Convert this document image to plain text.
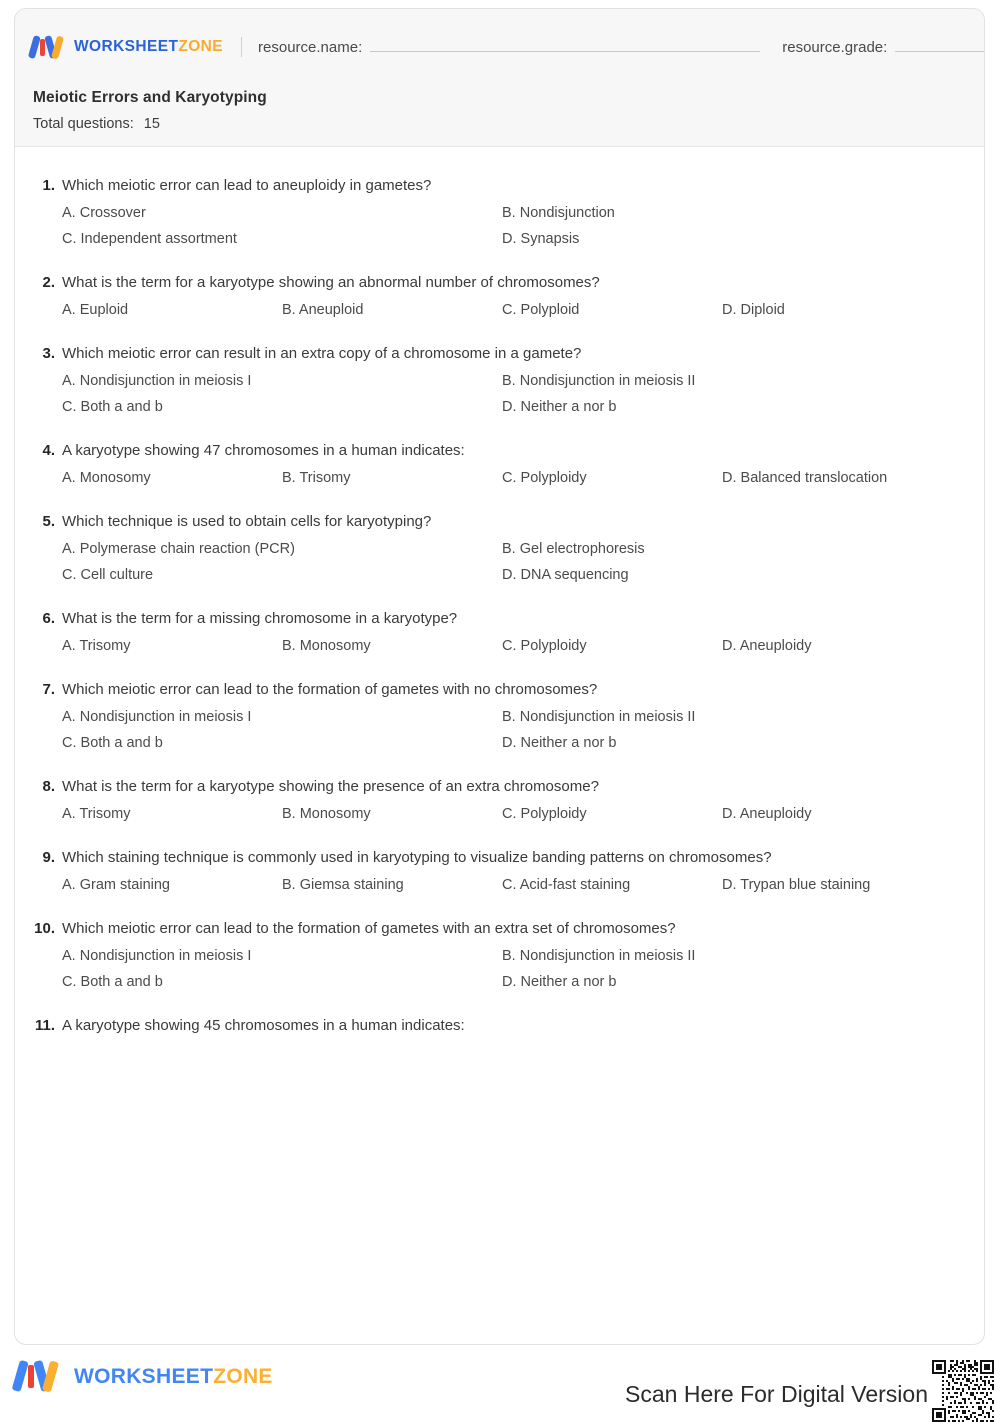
WORKSHEETZONE resource.name:	resource.grade:
Meiotic Errors and Karyotyping
Total questions: 15
1. Which meiotic error can lead to aneuploidy in gametes?
A. Crossover	B. Nondisjunction
C. Independent assortment	D. Synapsis
2. What is the term for a karyotype showing an abnormal number of chromosomes?
A. Euploid	B. Aneuploid	C. Polyploid	D. Diploid
3. Which meiotic error can result in an extra copy of a chromosome in a gamete?
A. Nondisjunction in meiosis I	B. Nondisjunction in meiosis II
C. Both a and b	D. Neither a nor b
4. A karyotype showing 47 chromosomes in a human indicates:
A. Monosomy	B. Trisomy	C. Polyploidy	D. Balanced translocation
5. Which technique is used to obtain cells for karyotyping?
A. Polymerase chain reaction (PCR)	B. Gel electrophoresis
C. Cell culture	D. DNA sequencing
6. What is the term for a missing chromosome in a karyotype?
A. Trisomy	B. Monosomy	C. Polyploidy	D. Aneuploidy
7. Which meiotic error can lead to the formation of gametes with no chromosomes?
A. Nondisjunction in meiosis I	B. Nondisjunction in meiosis II
C. Both a and b	D. Neither a nor b
8. What is the term for a karyotype showing the presence of an extra chromosome?
A. Trisomy	B. Monosomy	C. Polyploidy	D. Aneuploidy
9. Which staining technique is commonly used in karyotyping to visualize banding patterns on chromosomes?
A. Gram staining	B. Giemsa staining	C. Acid-fast staining	D. Trypan blue staining
10. Which meiotic error can lead to the formation of gametes with an extra set of chromosomes?
A. Nondisjunction in meiosis I	B. Nondisjunction in meiosis II
C. Both a and b	D. Neither a nor b
11. A karyotype showing 45 chromosomes in a human indicates:
WORKSHEETZONE
Scan Here For Digital Version
